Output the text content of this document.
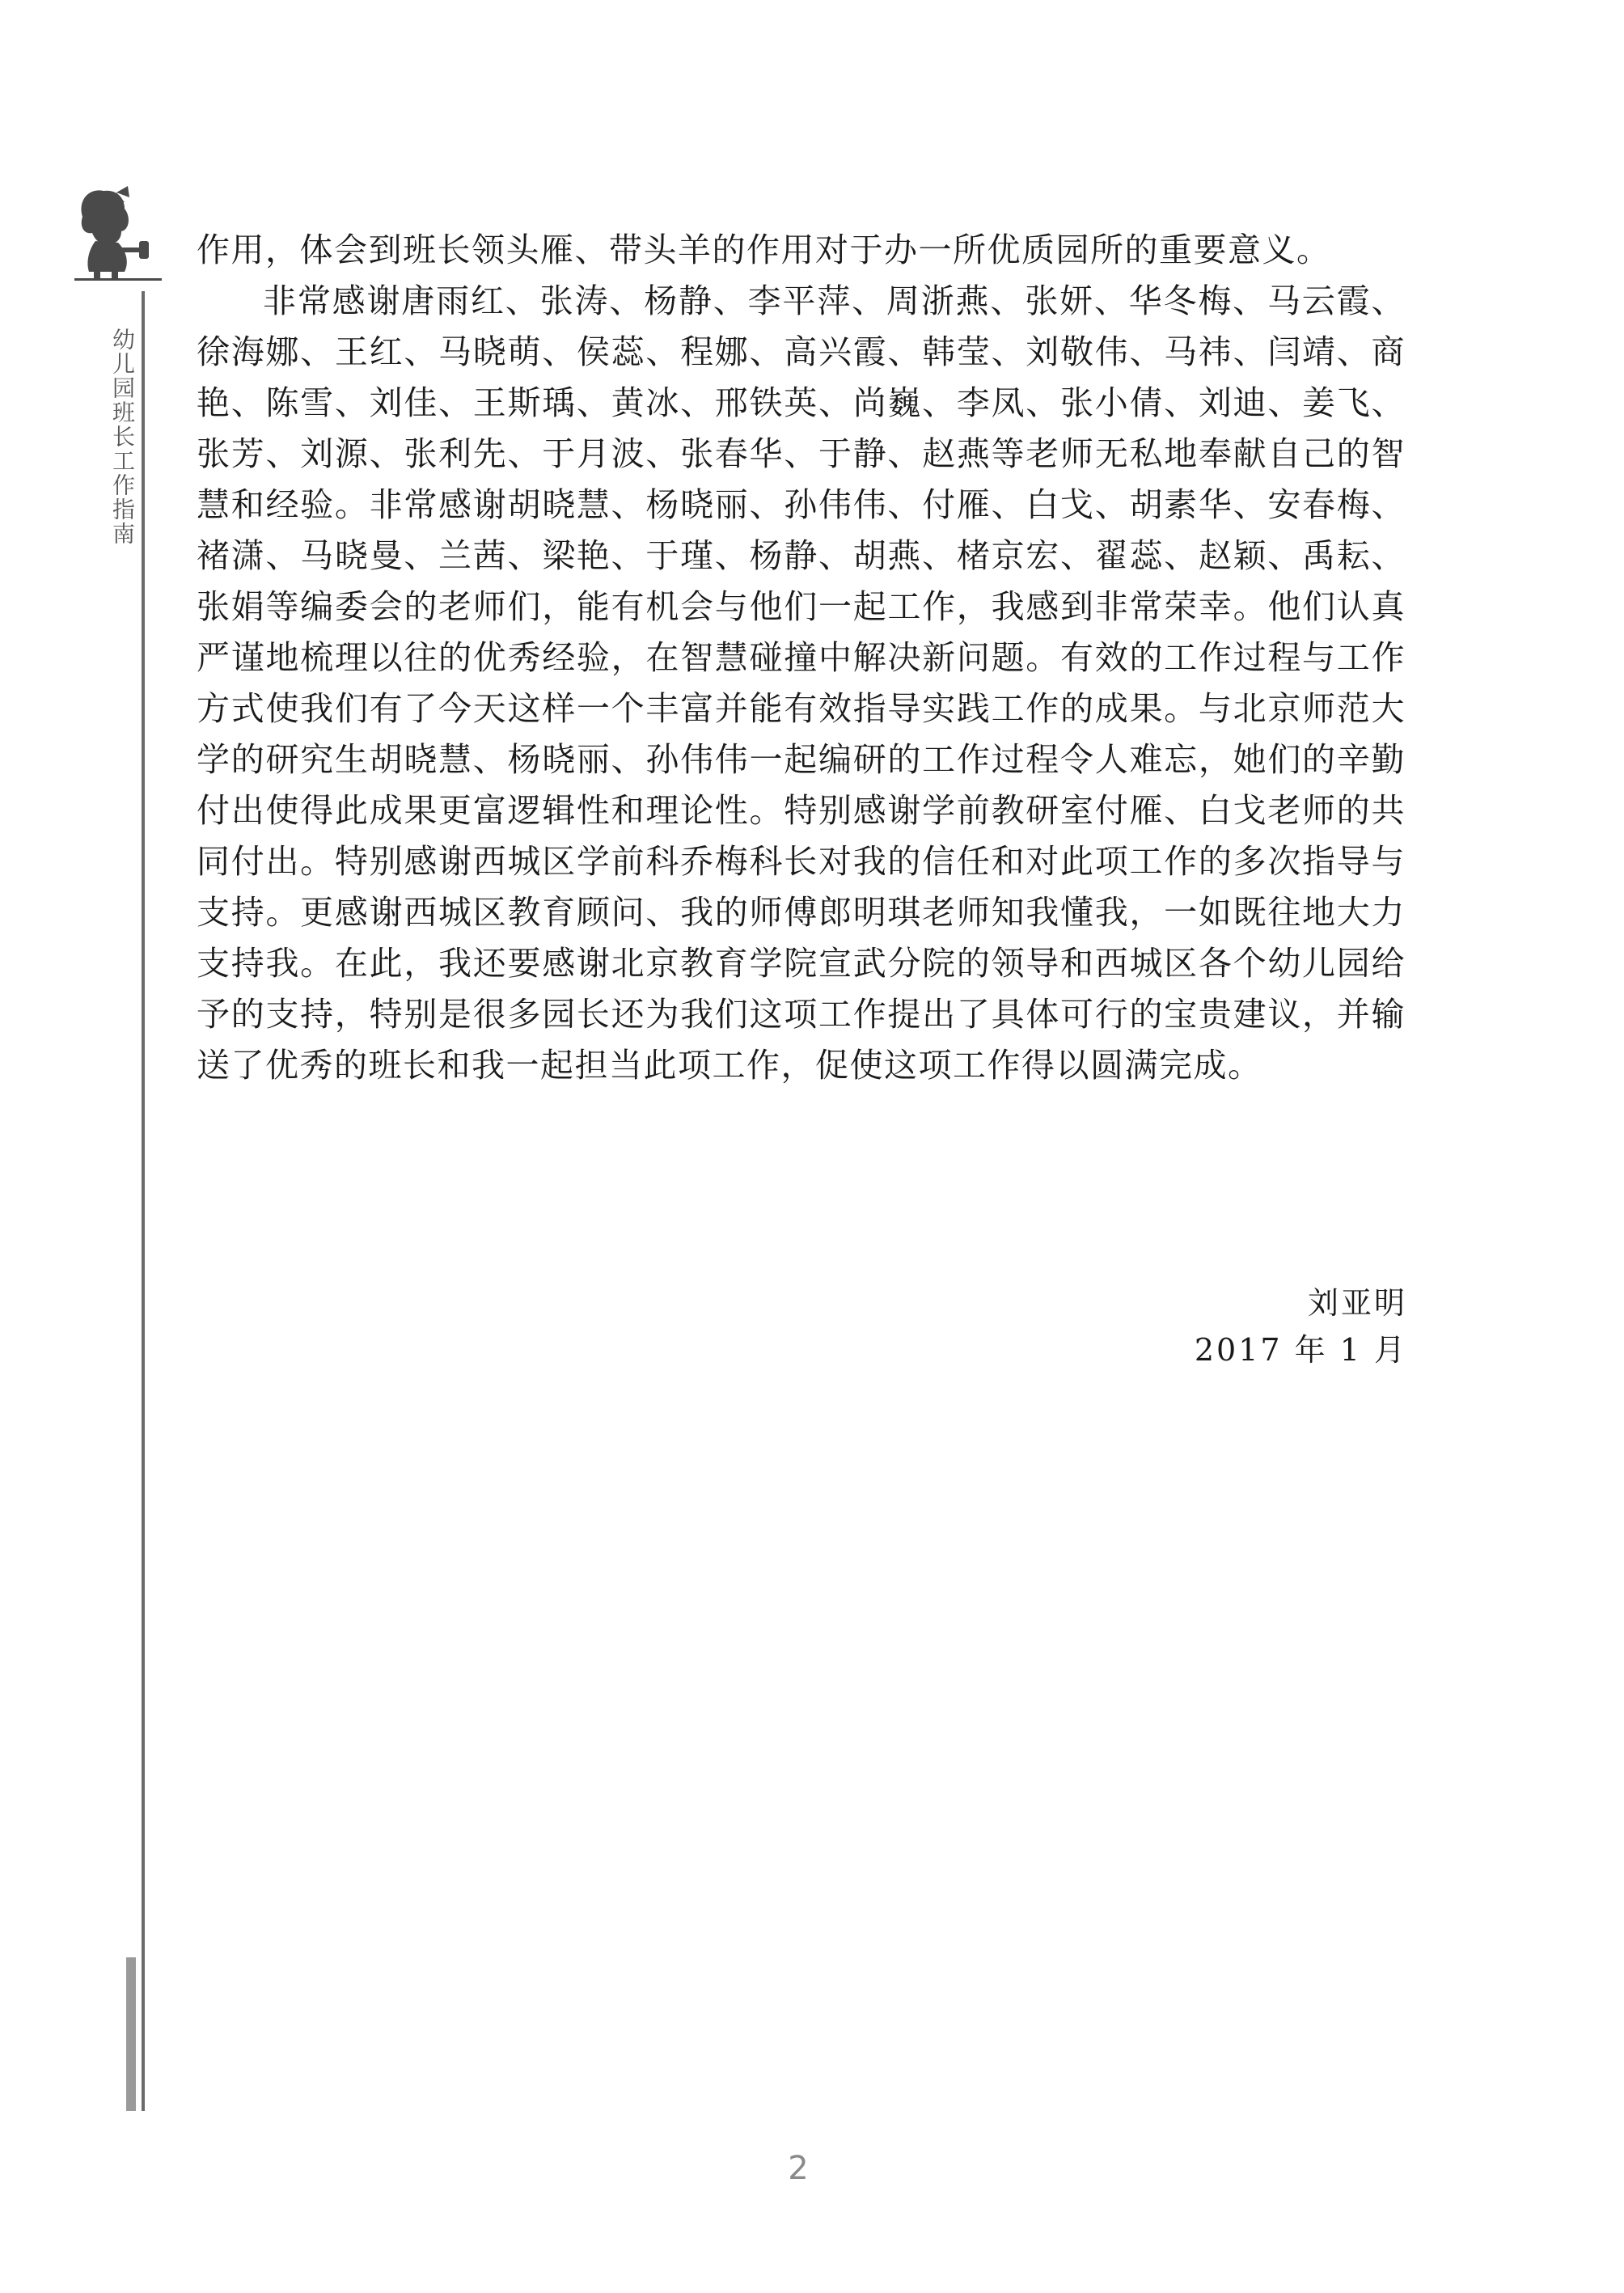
幼儿园班长工作指南

作用，体会到班长领头雁、带头羊的作用对于办一所优质园所的重要意义。

非常感谢唐雨红、张涛、杨静、李平萍、周浙燕、张妍、华冬梅、马云霞、徐海娜、王红、马晓萌、侯蕊、程娜、高兴霞、韩莹、刘敬伟、马祎、闫靖、商艳、陈雪、刘佳、王斯瑀、黄冰、邢铁英、尚巍、李凤、张小倩、刘迪、姜飞、张芳、刘源、张利先、于月波、张春华、于静、赵燕等老师无私地奉献自己的智慧和经验。非常感谢胡晓慧、杨晓丽、孙伟伟、付雁、白戈、胡素华、安春梅、褚潇、马晓曼、兰茜、梁艳、于瑾、杨静、胡燕、楮京宏、翟蕊、赵颖、禹耘、张娟等编委会的老师们，能有机会与他们一起工作，我感到非常荣幸。他们认真严谨地梳理以往的优秀经验，在智慧碰撞中解决新问题。有效的工作过程与工作方式使我们有了今天这样一个丰富并能有效指导实践工作的成果。与北京师范大学的研究生胡晓慧、杨晓丽、孙伟伟一起编研的工作过程令人难忘，她们的辛勤付出使得此成果更富逻辑性和理论性。特别感谢学前教研室付雁、白戈老师的共同付出。特别感谢西城区学前科乔梅科长对我的信任和对此项工作的多次指导与支持。更感谢西城区教育顾问、我的师傅郎明琪老师知我懂我，一如既往地大力支持我。在此，我还要感谢北京教育学院宣武分院的领导和西城区各个幼儿园给予的支持，特别是很多园长还为我们这项工作提出了具体可行的宝贵建议，并输送了优秀的班长和我一起担当此项工作，促使这项工作得以圆满完成。

刘亚明
2017 年 1 月
2
